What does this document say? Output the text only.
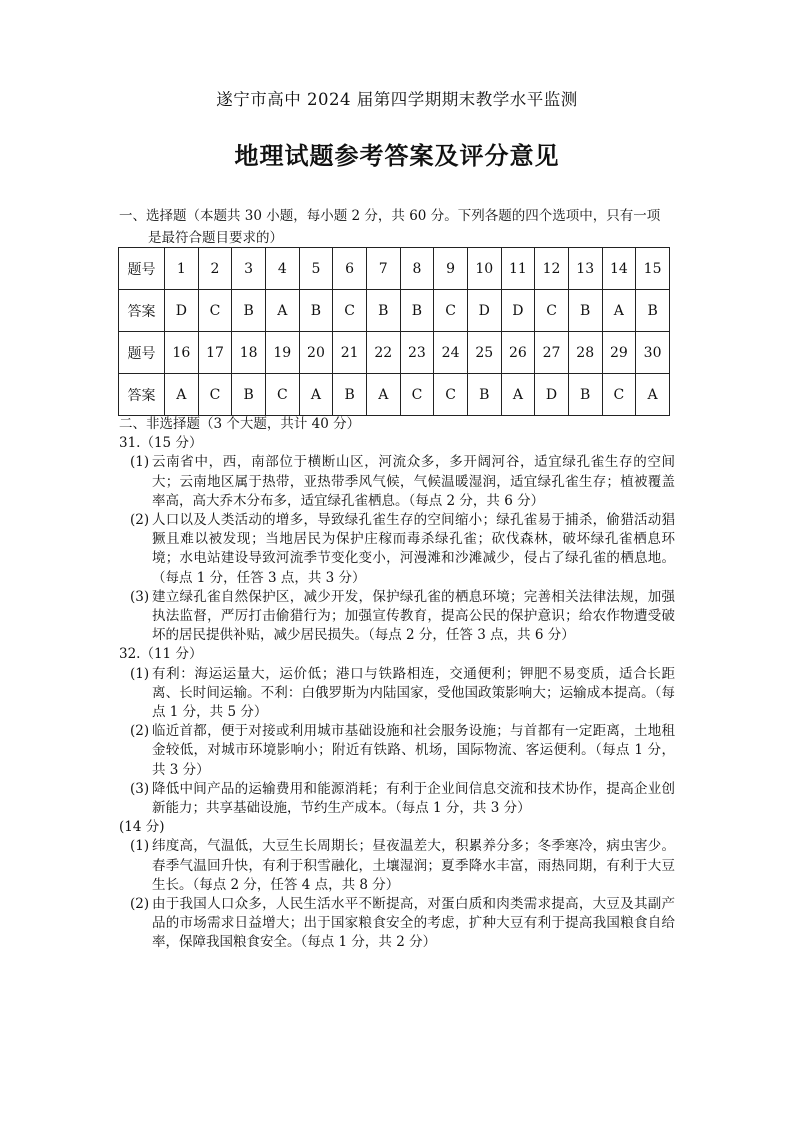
遂宁市高中 2024 届第四学期期末教学水平监测
地理试题参考答案及评分意见
一、选择题（本题共 30 小题，每小题 2 分，共 60 分。下列各题的四个选项中，只有一项
是最符合题目要求的）
题号	1	2	3	4	5	6	7	8	9	10	11	12	13	14	15
答案	D	C	B	A	B	C	B	B	C	D	D	C	B	A	B
题号	16	17	18	19	20	21	22	23	24	25	26	27	28	29	30
答案	A	C	B	C	A	B	A	C	C	B	A	D	B	C	A
二、非选择题（3 个大题，共计 40 分）
31.（15 分）
(1) 云南省中，西，南部位于横断山区，河流众多，多开阔河谷，适宜绿孔雀生存的空间大；云南地区属于热带，亚热带季风气候，气候温暖湿润，适宜绿孔雀生存；植被覆盖率高，高大乔木分布多，适宜绿孔雀栖息。（每点 2 分，共 6 分）
(2) 人口以及人类活动的增多，导致绿孔雀生存的空间缩小；绿孔雀易于捕杀，偷猎活动猖獗且难以被发现；当地居民为保护庄稼而毒杀绿孔雀；砍伐森林，破坏绿孔雀栖息环境；水电站建设导致河流季节变化变小，河漫滩和沙滩减少，侵占了绿孔雀的栖息地。（每点 1 分，任答 3 点，共 3 分）
(3) 建立绿孔雀自然保护区，减少开发，保护绿孔雀的栖息环境；完善相关法律法规，加强执法监督，严厉打击偷猎行为；加强宣传教育，提高公民的保护意识；给农作物遭受破坏的居民提供补贴，减少居民损失。（每点 2 分，任答 3 点，共 6 分）
32.（11 分）
(1) 有利：海运运量大，运价低；港口与铁路相连，交通便利；钾肥不易变质，适合长距离、长时间运输。不利：白俄罗斯为内陆国家，受他国政策影响大；运输成本提高。（每点 1 分，共 5 分）
(2) 临近首都，便于对接或利用城市基础设施和社会服务设施；与首都有一定距离，土地租金较低，对城市环境影响小；附近有铁路、机场，国际物流、客运便利。（每点 1 分，共 3 分）
(3) 降低中间产品的运输费用和能源消耗；有利于企业间信息交流和技术协作，提高企业创新能力；共享基础设施，节约生产成本。（每点 1 分，共 3 分）
(14 分)
(1) 纬度高，气温低，大豆生长周期长；昼夜温差大，积累养分多；冬季寒冷，病虫害少。春季气温回升快，有利于积雪融化，土壤湿润；夏季降水丰富，雨热同期，有利于大豆生长。（每点 2 分，任答 4 点，共 8 分）
(2) 由于我国人口众多，人民生活水平不断提高，对蛋白质和肉类需求提高，大豆及其副产品的市场需求日益增大；出于国家粮食安全的考虑，扩种大豆有利于提高我国粮食自给率，保障我国粮食安全。（每点 1 分，共 2 分）
